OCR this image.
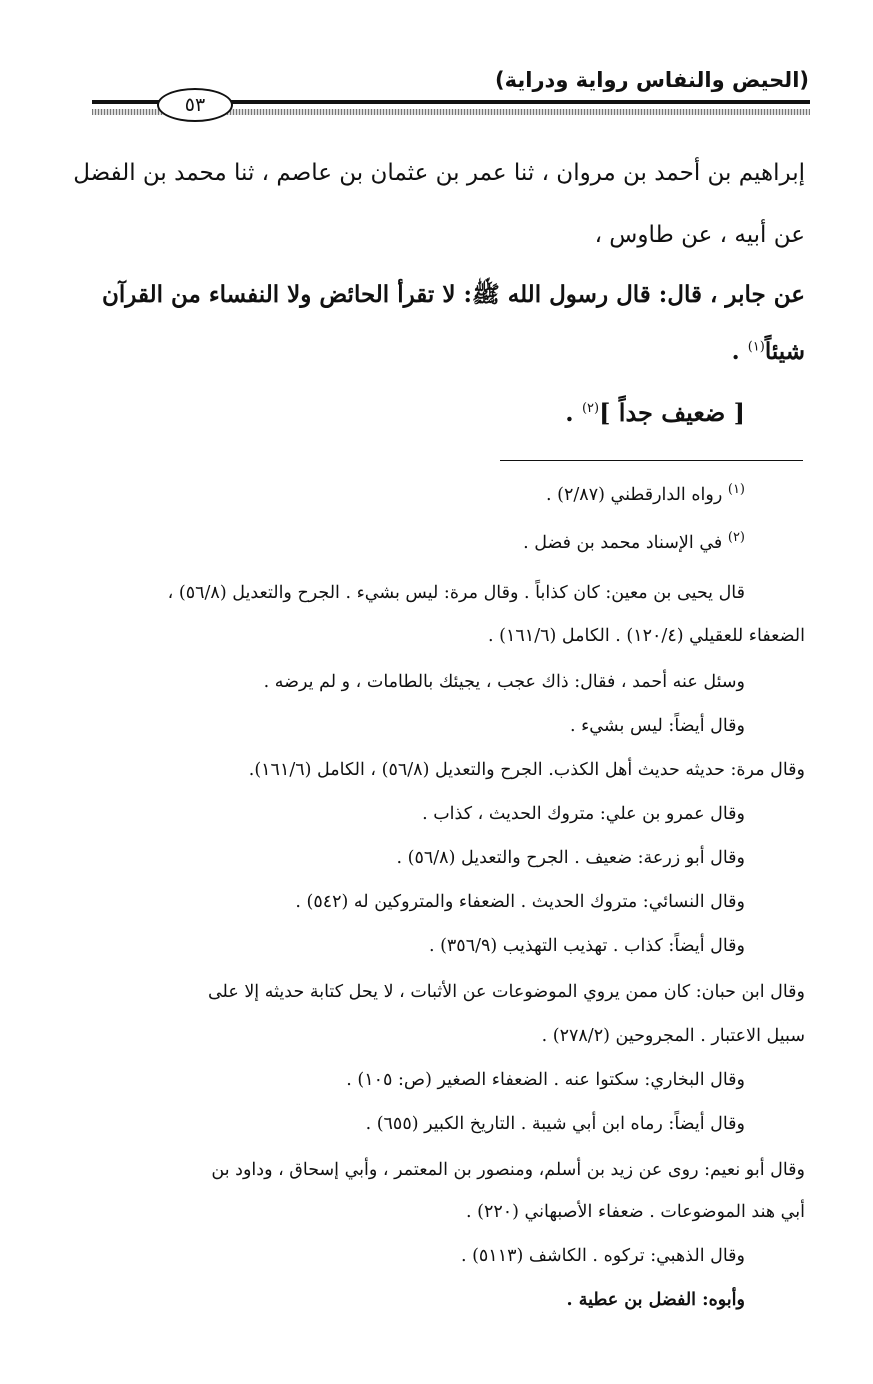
(الحيض والنفاس رواية ودراية)
٥٣
إبراهيم بن أحمد بن مروان ، ثنا عمر بن عثمان بن عاصم ، ثنا محمد بن الفضل
عن أبيه ، عن طاوس ،
عن جابر ، قال: قال رسول الله ﷺ: لا تقرأ الحائض ولا النفساء من القرآن
شيئاً$^{(١)}$ .
[ ضعيف جداً ]$^{(٢)}$ .
$^{(١)}$ رواه الدارقطني (٢/٨٧) .
$^{(٢)}$ في الإسناد محمد بن فضل .
قال يحيى بن معين: كان كذاباً . وقال مرة: ليس بشيء . الجرح والتعديل (٥٦/٨) ،
الضعفاء للعقيلي (١٢٠/٤) . الكامل (١٦١/٦) .
وسئل عنه أحمد ، فقال: ذاك عجب ، يجيئك بالطامات ، و لم يرضه .
وقال أيضاً: ليس بشيء .
وقال مرة: حديثه حديث أهل الكذب. الجرح والتعديل (٥٦/٨) ، الكامل (١٦١/٦).
وقال عمرو بن علي: متروك الحديث ، كذاب .
وقال أبو زرعة: ضعيف . الجرح والتعديل (٥٦/٨) .
وقال النسائي: متروك الحديث . الضعفاء والمتروكين له (٥٤٢) .
وقال أيضاً: كذاب . تهذيب التهذيب (٣٥٦/٩) .
وقال ابن حبان: كان ممن يروي الموضوعات عن الأثبات ، لا يحل كتابة حديثه إلا على
سبيل الاعتبار . المجروحين (٢٧٨/٢) .
وقال البخاري: سكتوا عنه . الضعفاء الصغير (ص: ١٠٥) .
وقال أيضاً: رماه ابن أبي شيبة . التاريخ الكبير (٦٥٥) .
وقال أبو نعيم: روى عن زيد بن أسلم، ومنصور بن المعتمر ، وأبي إسحاق ، وداود بن
أبي هند الموضوعات . ضعفاء الأصبهاني (٢٢٠) .
وقال الذهبي: تركوه . الكاشف (٥١١٣) .
وأبوه: الفضل بن عطية .
